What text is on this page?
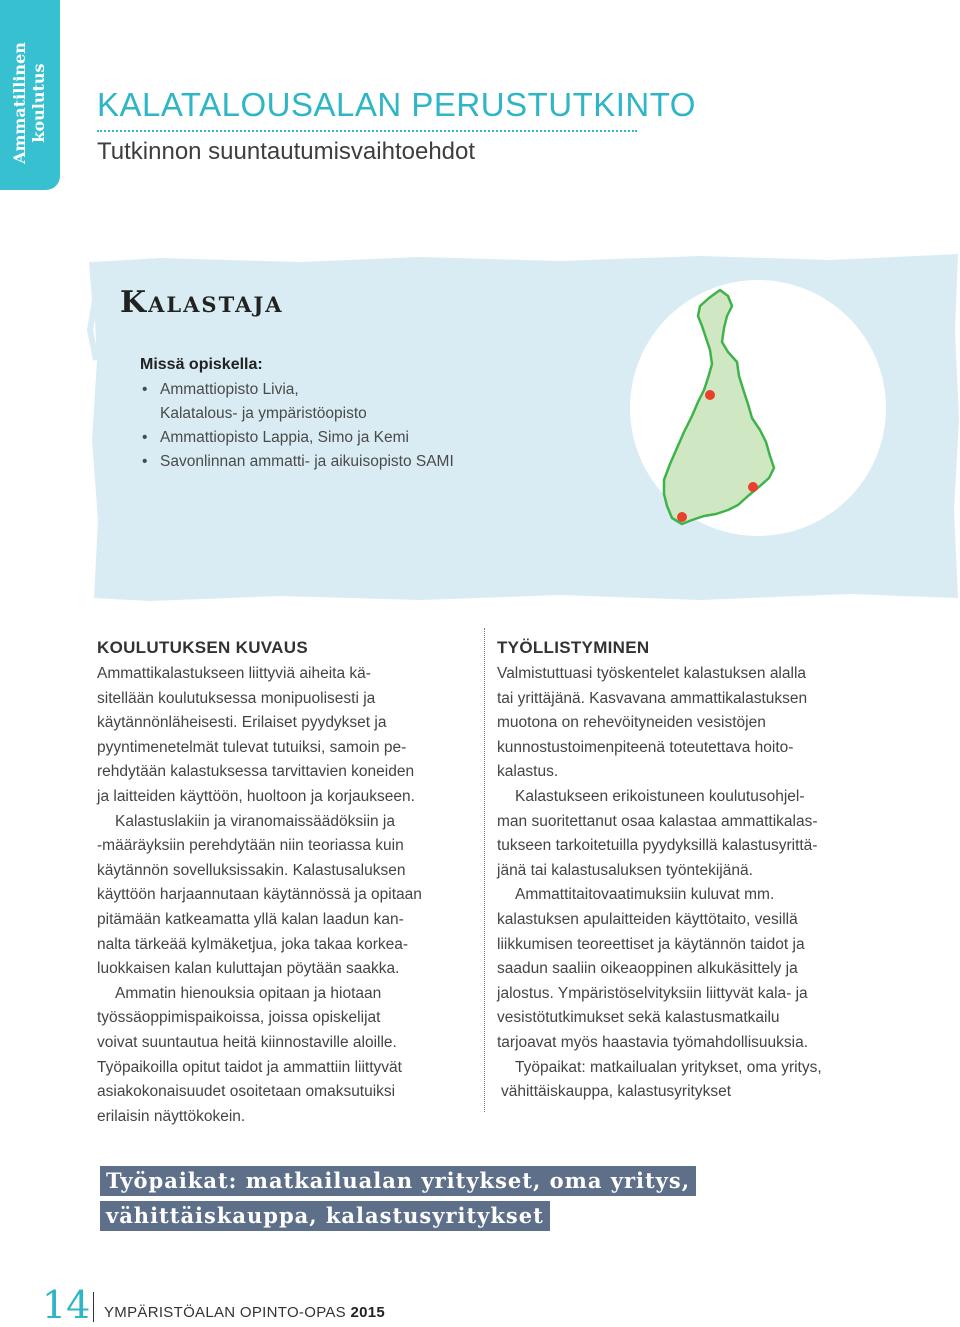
Ammatillinen koulutus KALATALOUSALAN PERUSTUTKINTO
Tutkinnon suuntautumisvaihtoehdot
Kalastaja
Missä opiskella:
• Ammattiopisto Livia,
Kalatalous- ja ympäristöopisto
• Ammattiopisto Lappia, Simo ja Kemi
• Savonlinnan ammatti- ja aikuisopisto SAMI
KOULUTUKSEN KUVAUS
Ammattikalastukseen liittyviä aiheita kä-
sitellään koulutuksessa monipuolisesti ja
käytännönläheisesti. Erilaiset pyydykset ja
pyyntimenetelmät tulevat tutuiksi, samoin pe-
rehdytään kalastuksessa tarvittavien koneiden
ja laitteiden käyttöön, huoltoon ja korjaukseen.
Kalastuslakiin ja viranomaissäädöksiin ja
-määräyksiin perehdytään niin teoriassa kuin
käytännön sovelluksissakin. Kalastusaluksen
käyttöön harjaannutaan käytännössä ja opitaan
pitämään katkeamatta yllä kalan laadun kan-
nalta tärkeää kylmäketjua, joka takaa korkea-
luokkaisen kalan kuluttajan pöytään saakka.
Ammatin hienouksia opitaan ja hiotaan
työssäoppimispaikoissa, joissa opiskelijat
voivat suuntautua heitä kiinnostaville aloille.
Työpaikoilla opitut taidot ja ammattiin liittyvät
asiakokonaisuudet osoitetaan omaksutuiksi
erilaisin näyttökokein.
TYÖLLISTYMINEN
Valmistuttuasi työskentelet kalastuksen alalla
tai yrittäjänä. Kasvavana ammattikalastuksen
muotona on rehevöityneiden vesistöjen
kunnostustoimenpiteenä toteutettava hoito-
kalastus.
Kalastukseen erikoistuneen koulutusohjel-
man suoritettanut osaa kalastaa ammattikalas-
tukseen tarkoitetuilla pyydyksillä kalastusyrittä-
jänä tai kalastusaluksen työntekijänä.
Ammattitaitovaatimuksiin kuluvat mm.
kalastuksen apulaitteiden käyttötaito, vesillä
liikkumisen teoreettiset ja käytännön taidot ja
saadun saaliin oikeaoppinen alkukäsittely ja
jalostus. Ympäristöselvityksiin liittyvät kala- ja
vesistötutkimukset sekä kalastusmatkailu
tarjoavat myös haastavia työmahdollisuuksia.
Työpaikat: matkailualan yritykset, oma yritys,
vähittäiskauppa, kalastusyritykset
Työpaikat: matkailualan yritykset, oma yritys,
vähittäiskauppa, kalastusyritykset
14 YMPÄRISTÖALAN OPINTO-OPAS 2015
